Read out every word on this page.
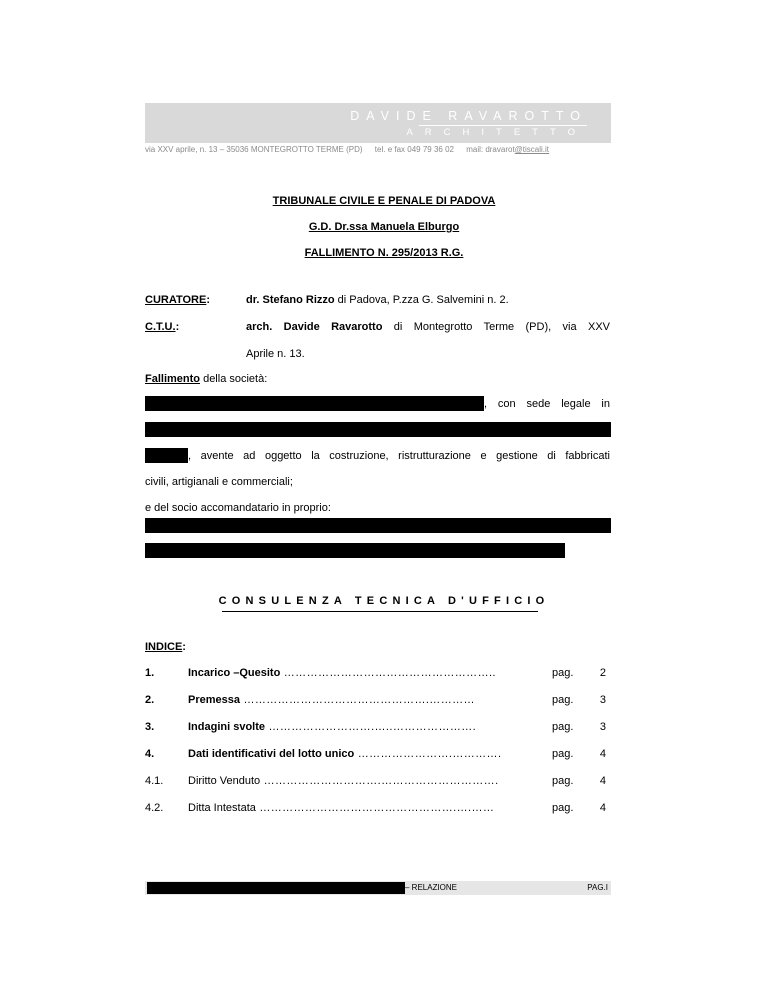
DAVIDE RAVAROTTO
ARCHITETTO
via XXV aprile, n. 13 – 35036 MONTEGROTTO TERME (PD) tel. e fax 049 79 36 02 mail: dravarot@tiscali.it
TRIBUNALE CIVILE E PENALE DI PADOVA
G.D. Dr.ssa Manuela Elburgo
FALLIMENTO N. 295/2013 R.G.
CURATORE:	dr. Stefano Rizzo di Padova, P.zza G. Salvemini n. 2.
C.T.U.:	arch. Davide Ravarotto di Montegrotto Terme (PD), via XXV
Aprile n. 13.
Fallimento della società:
, con sede legale in
, avente ad oggetto la costruzione, ristrutturazione e gestione di fabbricati
civili, artigianali e commerciali;
e del socio accomandatario in proprio:
CONSULENZA TECNICA D'UFFICIO
INDICE:
1.	Incarico –Quesito ………………………………………………..	pag.	2
2.	Premessa ………………………………………….…………	pag.	3
3.	Indagini svolte ……………………….…..………………….	pag.	3
4.	Dati identificativi del lotto unico …………………….………….	pag.	4
4.1. Diritto Venduto ………………………….………………………….	pag.	4
4.2. Ditta Intestata …………………………………………….….……	pag.	4
– RELAZIONE	PAG.I
